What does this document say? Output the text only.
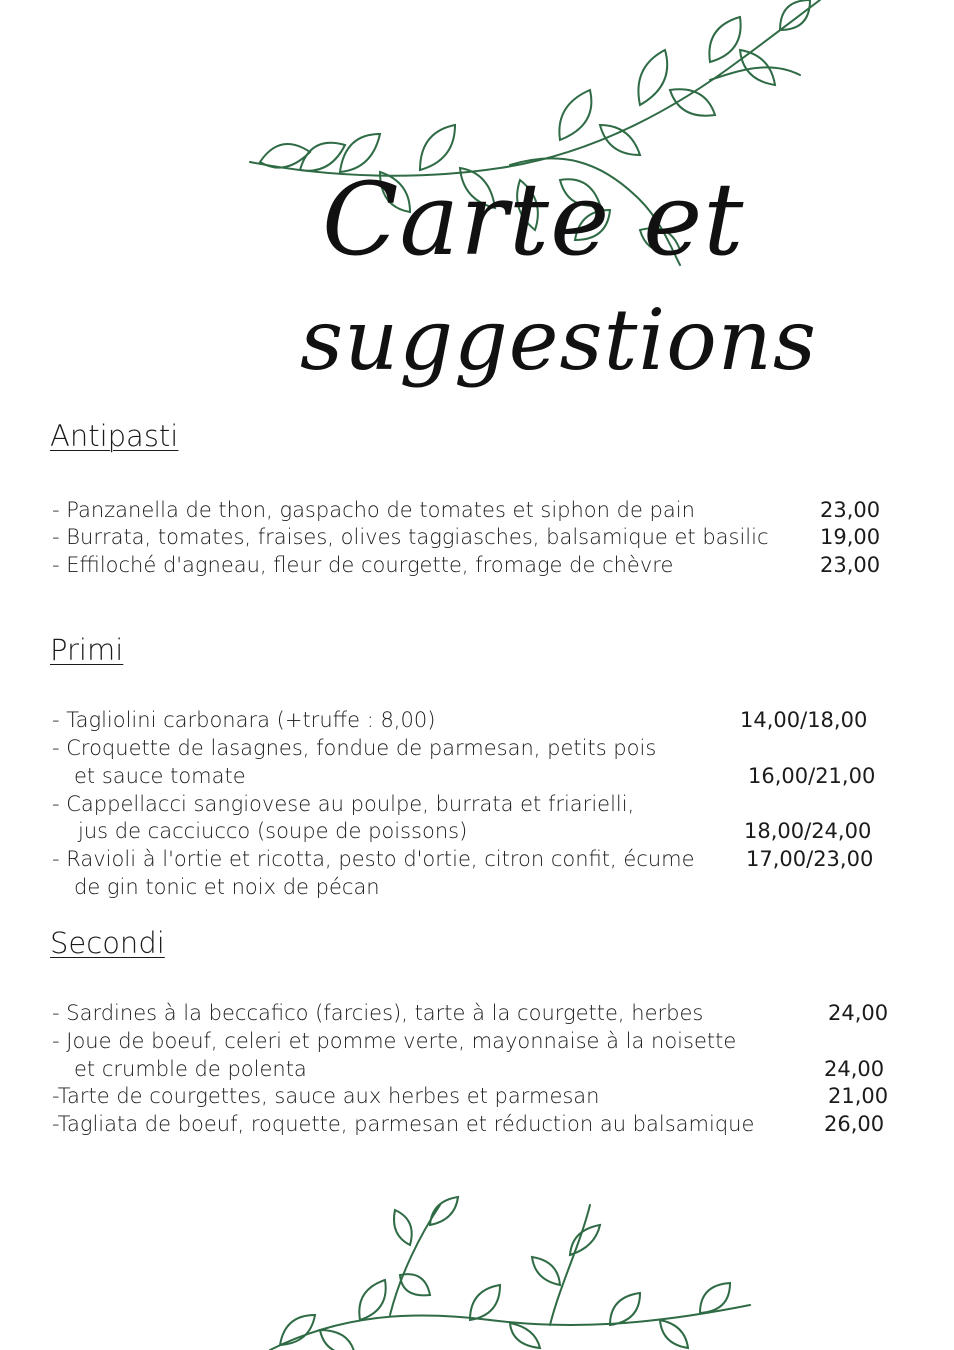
Carte et
suggestions
Antipasti
- Panzanella de thon, gaspacho de tomates et siphon de pain	23,00
- Burrata, tomates, fraises, olives taggiasches, balsamique et basilic 19,00
- Effiloché d'agneau, fleur de courgette, fromage de chèvre	23,00
Primi
- Tagliolini carbonara (+truffe : 8,00)	14,00/18,00
- Croquette de lasagnes, fondue de parmesan, petits pois
et sauce tomate	16,00/21,00
- Cappellacci sangiovese au poulpe, burrata et friarielli,
jus de cacciucco (soupe de poissons)	18,00/24,00
- Ravioli à l'ortie et ricotta, pesto d'ortie, citron confit, écume 17,00/23,00
de gin tonic et noix de pécan
Secondi
- Sardines à la beccafico (farcies), tarte à la courgette, herbes	24,00
- Joue de boeuf, celeri et pomme verte, mayonnaise à la noisette
et crumble de polenta	24,00
-Tarte de courgettes, sauce aux herbes et parmesan	21,00
-Tagliata de boeuf, roquette, parmesan et réduction au balsamique	26,00
